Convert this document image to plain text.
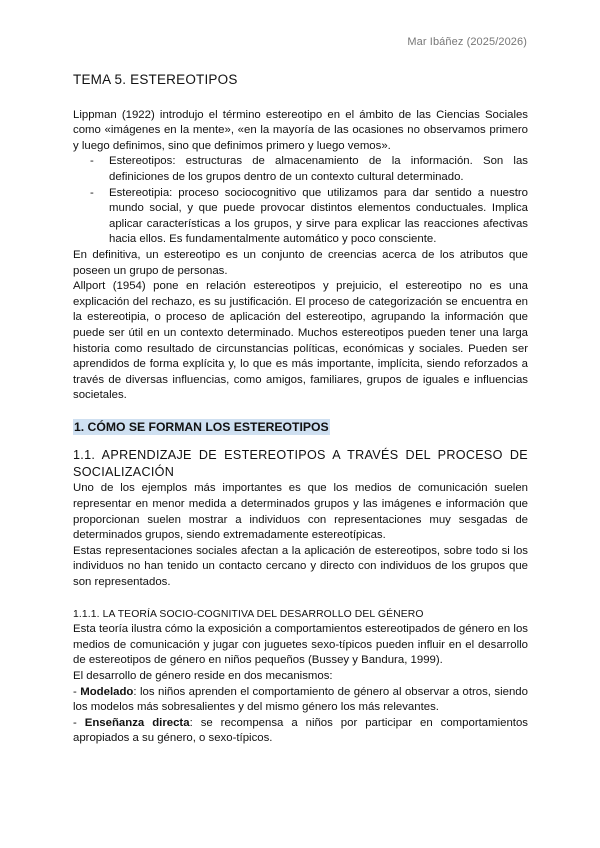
Mar Ibáñez (2025/2026)
TEMA 5. ESTEREOTIPOS

Lippman (1922) introdujo el término estereotipo en el ámbito de las Ciencias Sociales como «imágenes en la mente», «en la mayoría de las ocasiones no observamos primero y luego definimos, sino que definimos primero y luego vemos».

- Estereotipos: estructuras de almacenamiento de la información. Son las definiciones de los grupos dentro de un contexto cultural determinado.
- Estereotipia: proceso sociocognitivo que utilizamos para dar sentido a nuestro mundo social, y que puede provocar distintos elementos conductuales. Implica aplicar características a los grupos, y sirve para explicar las reacciones afectivas hacia ellos. Es fundamentalmente automático y poco consciente.

En definitiva, un estereotipo es un conjunto de creencias acerca de los atributos que poseen un grupo de personas.

Allport (1954) pone en relación estereotipos y prejuicio, el estereotipo no es una explicación del rechazo, es su justificación. El proceso de categorización se encuentra en la estereotipia, o proceso de aplicación del estereotipo, agrupando la información que puede ser útil en un contexto determinado. Muchos estereotipos pueden tener una larga historia como resultado de circunstancias políticas, económicas y sociales. Pueden ser aprendidos de forma explícita y, lo que es más importante, implícita, siendo reforzados a través de diversas influencias, como amigos, familiares, grupos de iguales e influencias societales.

1. CÓMO SE FORMAN LOS ESTEREOTIPOS
1.1. APRENDIZAJE DE ESTEREOTIPOS A TRAVÉS DEL PROCESO DE SOCIALIZACIÓN

Uno de los ejemplos más importantes es que los medios de comunicación suelen representar en menor medida a determinados grupos y las imágenes e información que proporcionan suelen mostrar a individuos con representaciones muy sesgadas de determinados grupos, siendo extremadamente estereotípicas.

Estas representaciones sociales afectan a la aplicación de estereotipos, sobre todo si los individuos no han tenido un contacto cercano y directo con individuos de los grupos que son representados.

1.1.1. LA TEORÍA SOCIO-COGNITIVA DEL DESARROLLO DEL GÉNERO

Esta teoría ilustra cómo la exposición a comportamientos estereotipados de género en los medios de comunicación y jugar con juguetes sexo-típicos pueden influir en el desarrollo de estereotipos de género en niños pequeños (Bussey y Bandura, 1999).

El desarrollo de género reside en dos mecanismos:

- Modelado: los niños aprenden el comportamiento de género al observar a otros, siendo los modelos más sobresalientes y del mismo género los más relevantes.

- Enseñanza directa: se recompensa a niños por participar en comportamientos apropiados a su género, o sexo-típicos.
